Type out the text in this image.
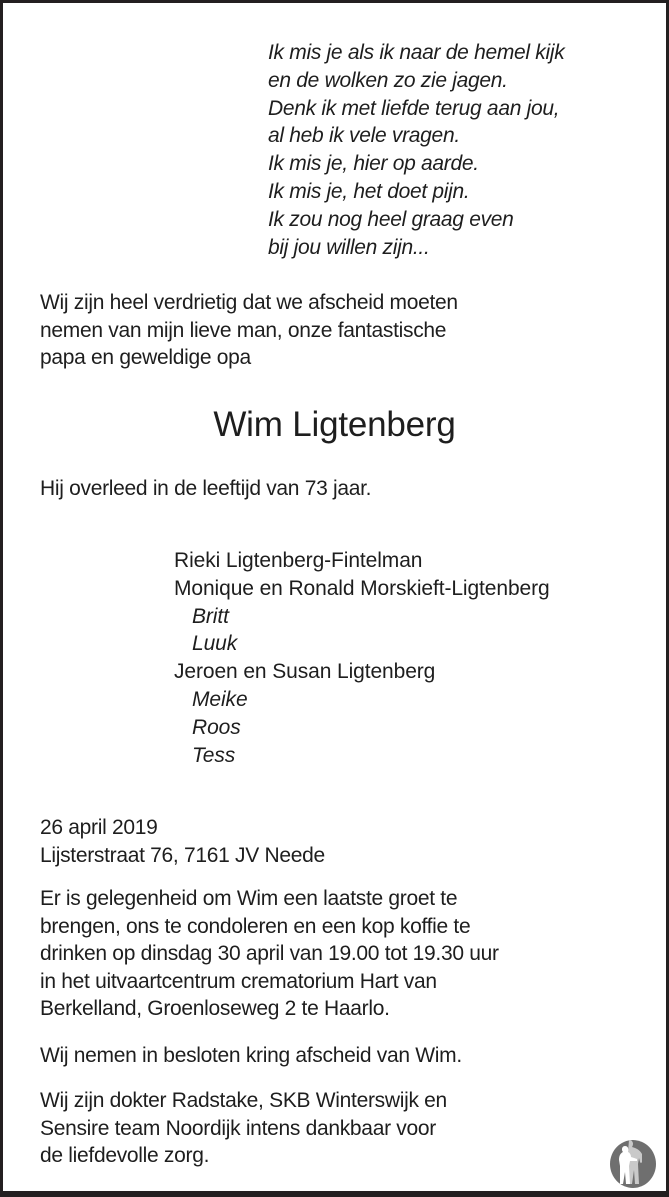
Ik mis je als ik naar de hemel kijk
en de wolken zo zie jagen.
Denk ik met liefde terug aan jou,
al heb ik vele vragen.
Ik mis je, hier op aarde.
Ik mis je, het doet pijn.
Ik zou nog heel graag even
bij jou willen zijn...
Wij zijn heel verdrietig dat we afscheid moeten
nemen van mijn lieve man, onze fantastische
papa en geweldige opa
Wim Ligtenberg
Hij overleed in de leeftijd van 73 jaar.
Rieki Ligtenberg-Fintelman
Monique en Ronald Morskieft-Ligtenberg
Britt
Luuk
Jeroen en Susan Ligtenberg
Meike
Roos
Tess
26 april 2019
Lijsterstraat 76, 7161 JV Neede
Er is gelegenheid om Wim een laatste groet te
brengen, ons te condoleren en een kop koffie te
drinken op dinsdag 30 april van 19.00 tot 19.30 uur
in het uitvaartcentrum crematorium Hart van
Berkelland, Groenloseweg 2 te Haarlo.
Wij nemen in besloten kring afscheid van Wim.
Wij zijn dokter Radstake, SKB Winterswijk en
Sensire team Noordijk intens dankbaar voor
de liefdevolle zorg.
